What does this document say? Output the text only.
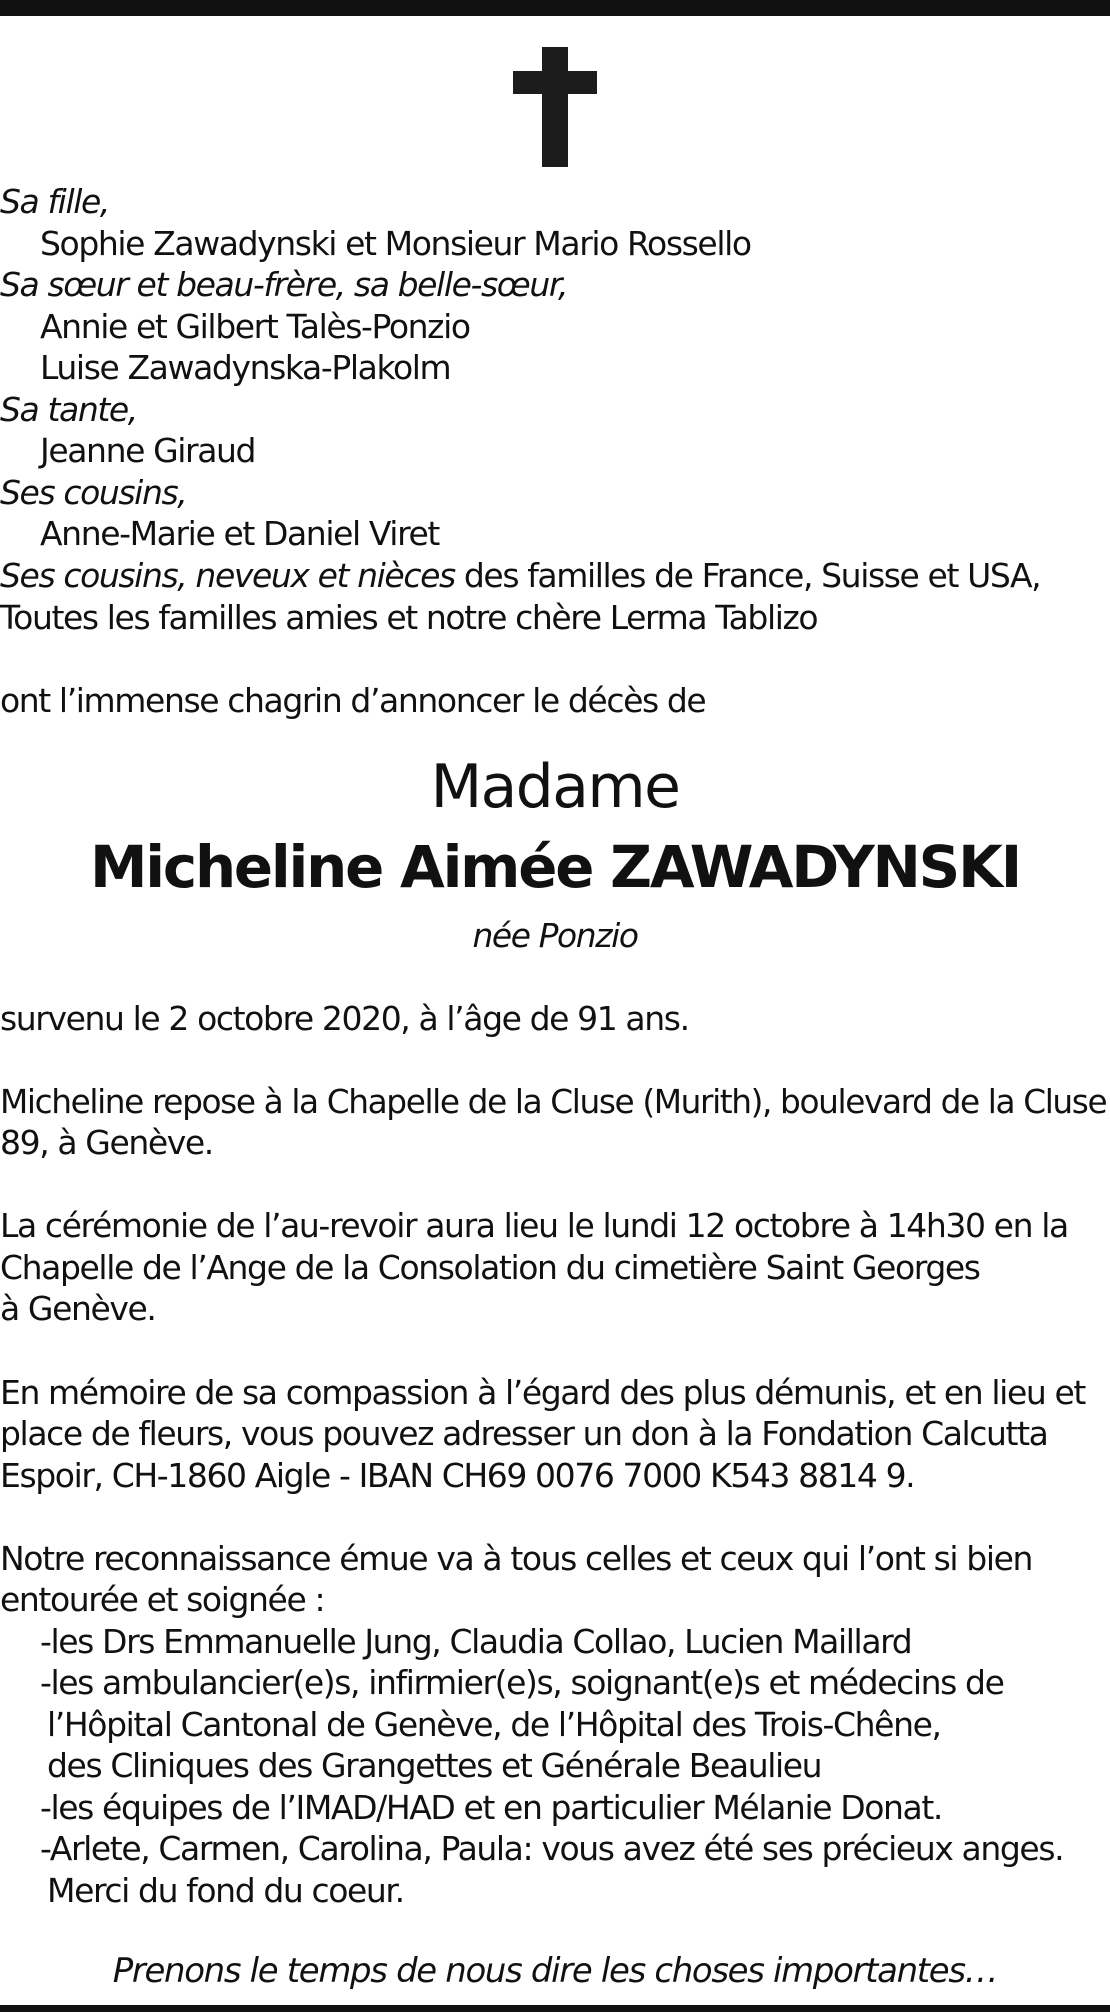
Sa fille,
Sophie Zawadynski et Monsieur Mario Rossello
Sa sœur et beau-frère, sa belle-sœur,
Annie et Gilbert Talès-Ponzio
Luise Zawadynska-Plakolm
Sa tante,
Jeanne Giraud
Ses cousins,
Anne-Marie et Daniel Viret
Ses cousins, neveux et nièces des familles de France, Suisse et USA,
Toutes les familles amies et notre chère Lerma Tablizo
ont l’immense chagrin d’annoncer le décès de
Madame
Micheline Aimée ZAWADYNSKI
née Ponzio
survenu le 2 octobre 2020, à l’âge de 91 ans.
Micheline repose à la Chapelle de la Cluse (Murith), boulevard de la Cluse
89, à Genève.
La cérémonie de l’au-revoir aura lieu le lundi 12 octobre à 14h30 en la
Chapelle de l’Ange de la Consolation du cimetière Saint Georges
à Genève.
En mémoire de sa compassion à l’égard des plus démunis, et en lieu et
place de fleurs, vous pouvez adresser un don à la Fondation Calcutta
Espoir, CH-1860 Aigle - IBAN CH69 0076 7000 K543 8814 9.
Notre reconnaissance émue va à tous celles et ceux qui l’ont si bien
entourée et soignée :
-les Drs Emmanuelle Jung, Claudia Collao, Lucien Maillard
-les ambulancier(e)s, infirmier(e)s, soignant(e)s et médecins de
l’Hôpital Cantonal de Genève, de l’Hôpital des Trois-Chêne,
des Cliniques des Grangettes et Générale Beaulieu
-les équipes de l’IMAD/HAD et en particulier Mélanie Donat.
-Arlete, Carmen, Carolina, Paula: vous avez été ses précieux anges.
Merci du fond du coeur.
Prenons le temps de nous dire les choses importantes…
